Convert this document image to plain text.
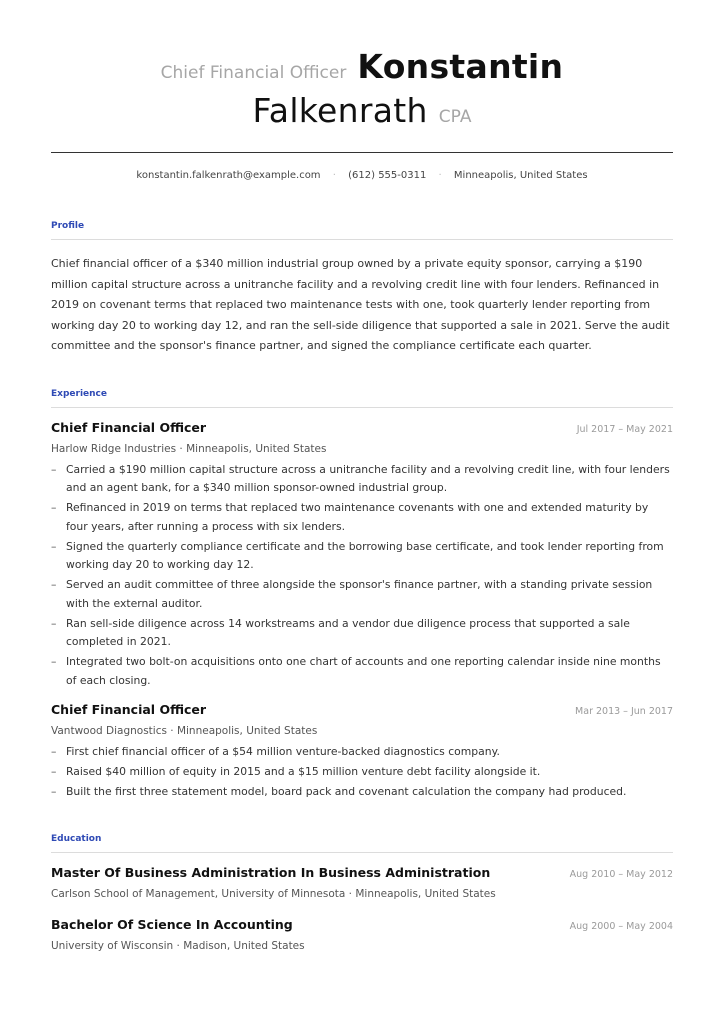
Chief Financial Officer Konstantin
Falkenrath CPA
konstantin.falkenrath@example.com · (612) 555-0311 · Minneapolis, United States
Profile

Chief financial officer of a $340 million industrial group owned by a private equity sponsor, carrying a $190 million capital structure across a unitranche facility and a revolving credit line with four lenders. Refinanced in 2019 on covenant terms that replaced two maintenance tests with one, took quarterly lender reporting from working day 20 to working day 12, and ran the sell-side diligence that supported a sale in 2021. Serve the audit committee and the sponsor's finance partner, and signed the compliance certificate each quarter.

Experience
Chief Financial Officer	Jul 2017 – May 2021
Harlow Ridge Industries · Minneapolis, United States
– Carried a $190 million capital structure across a unitranche facility and a revolving credit line, with four lenders and an agent bank, for a $340 million sponsor-owned industrial group.
– Refinanced in 2019 on terms that replaced two maintenance covenants with one and extended maturity by four years, after running a process with six lenders.
– Signed the quarterly compliance certificate and the borrowing base certificate, and took lender reporting from working day 20 to working day 12.
– Served an audit committee of three alongside the sponsor's finance partner, with a standing private session with the external auditor.
– Ran sell-side diligence across 14 workstreams and a vendor due diligence process that supported a sale completed in 2021.
– Integrated two bolt-on acquisitions onto one chart of accounts and one reporting calendar inside nine months of each closing.
Chief Financial Officer	Mar 2013 – Jun 2017
Vantwood Diagnostics · Minneapolis, United States
– First chief financial officer of a $54 million venture-backed diagnostics company.
– Raised $40 million of equity in 2015 and a $15 million venture debt facility alongside it.
– Built the first three statement model, board pack and covenant calculation the company had produced.
Education
Master Of Business Administration In Business Administration	Aug 2010 – May 2012
Carlson School of Management, University of Minnesota · Minneapolis, United States
Bachelor Of Science In Accounting	Aug 2000 – May 2004
University of Wisconsin · Madison, United States
